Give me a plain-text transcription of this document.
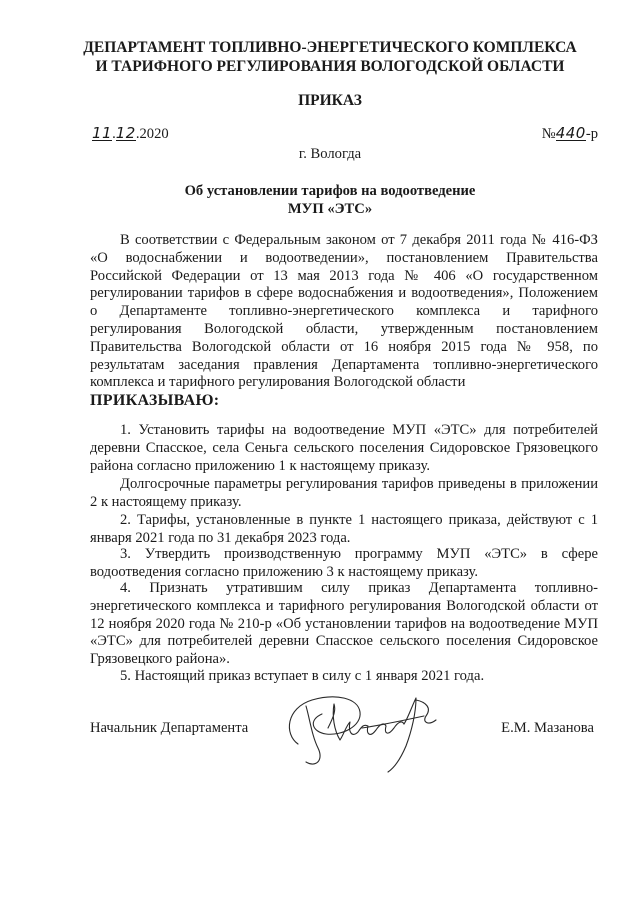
ДЕПАРТАМЕНТ ТОПЛИВНО-ЭНЕРГЕТИЧЕСКОГО КОМПЛЕКСА
И ТАРИФНОГО РЕГУЛИРОВАНИЯ ВОЛОГОДСКОЙ ОБЛАСТИ
ПРИКАЗ
11.12.2020	№440-р
г. Вологда
Об установлении тарифов на водоотведение
МУП «ЭТС»
В соответствии с Федеральным законом от 7 декабря 2011 года № 416-ФЗ «О водоснабжении и водоотведении», постановлением Правительства Российской Федерации от 13 мая 2013 года № 406 «О государственном регулировании тарифов в сфере водоснабжения и водоотведения», Положением о Департаменте топливно-энергетического комплекса и тарифного регулирования Вологодской области, утвержденным постановлением Правительства Вологодской области от 16 ноября 2015 года № 958, по результатам заседания правления Департамента топливно-энергетического комплекса и тарифного регулирования Вологодской области
ПРИКАЗЫВАЮ:
1. Установить тарифы на водоотведение МУП «ЭТС» для потребителей деревни Спасское, села Сеньга сельского поселения Сидоровское Грязовецкого района согласно приложению 1 к настоящему приказу.
Долгосрочные параметры регулирования тарифов приведены в приложении 2 к настоящему приказу.
2. Тарифы, установленные в пункте 1 настоящего приказа, действуют с 1 января 2021 года по 31 декабря 2023 года.
3. Утвердить производственную программу МУП «ЭТС» в сфере водоотведения согласно приложению 3 к настоящему приказу.
4. Признать утратившим силу приказ Департамента топливно-энергетического комплекса и тарифного регулирования Вологодской области от 12 ноября 2020 года № 210-р «Об установлении тарифов на водоотведение МУП «ЭТС» для потребителей деревни Спасское сельского поселения Сидоровское Грязовецкого района».
5. Настоящий приказ вступает в силу с 1 января 2021 года.
Начальник Департамента	Е.М. Мазанова
